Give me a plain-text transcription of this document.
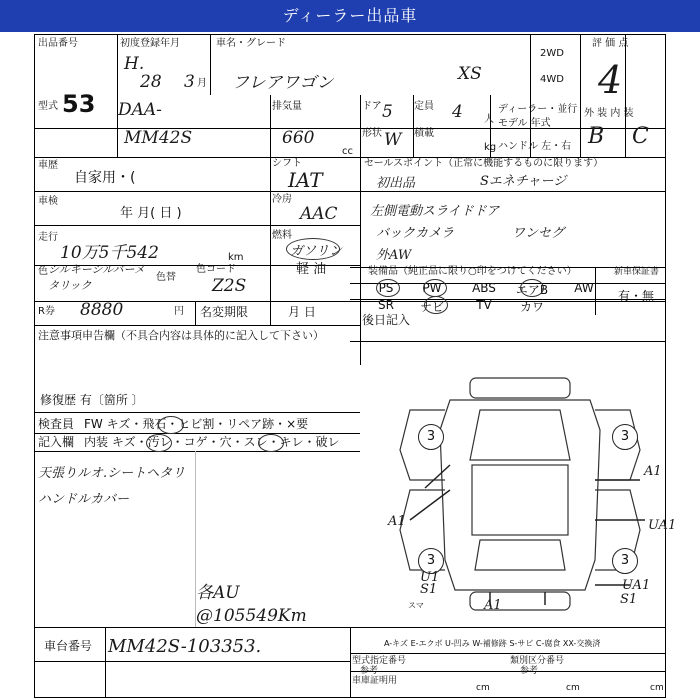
ディーラー出品車
出品番号
53
初度登録年月
H.
28 3 月
車名・グレード
フレアワゴン	XS
2WD
4WD
評 価 点
4
型式	DAA-
MM42S
排気量
660
cc
ドア 5 定員 4 人
形状 W 積載
kg
ディーラー・並行
モデル 年式
ハンドル 左・右
外 装 内 装
B C
車歴
自家用・(
シフト
IAT
セールスポイント（正常に機能するものに限ります）
初出品	Sエネチャージ
左側電動スライドドア
バックカメラ	ワンセグ
外AW
車検
年 月( 日 )
冷房
AAC
走行
10万5千542	km
燃料
ガソリン
軽 油
色 シルキーシルバーメタリック
色替
色コード
Z2S
装備品（純正品に限り○印をつけてください）	新車保証書
有・無
PS	PW	ABS	エアB	AW
SR	ナビ	TV	カワ
R券 8880	円 名変期限	月 日
後日記入
注意事項申告欄（不具合内容は具体的に記入して下さい）
修復歴 有〔箇所 〕
検査員 FW キズ・飛石・ヒビ割・リペア跡・×要
記入欄 内装 キズ・汚レ・コゲ・穴・スレ・キレ・破レ
天張りルオ.シートヘタリ
ハンドルカバー
各AU
@105549Km
車台番号 MM42S-103353.	A-キズ E-エクボ U-凹み W-補修跡 S-サビ C-腐食 XX-交換済
型式指定番号	類別区分番号
参考	参考
車庫証明用
cm	cm	cm
3	3
3	3
A1
A1
UA1
UA1
S1
U1
S1
A1
スマ
